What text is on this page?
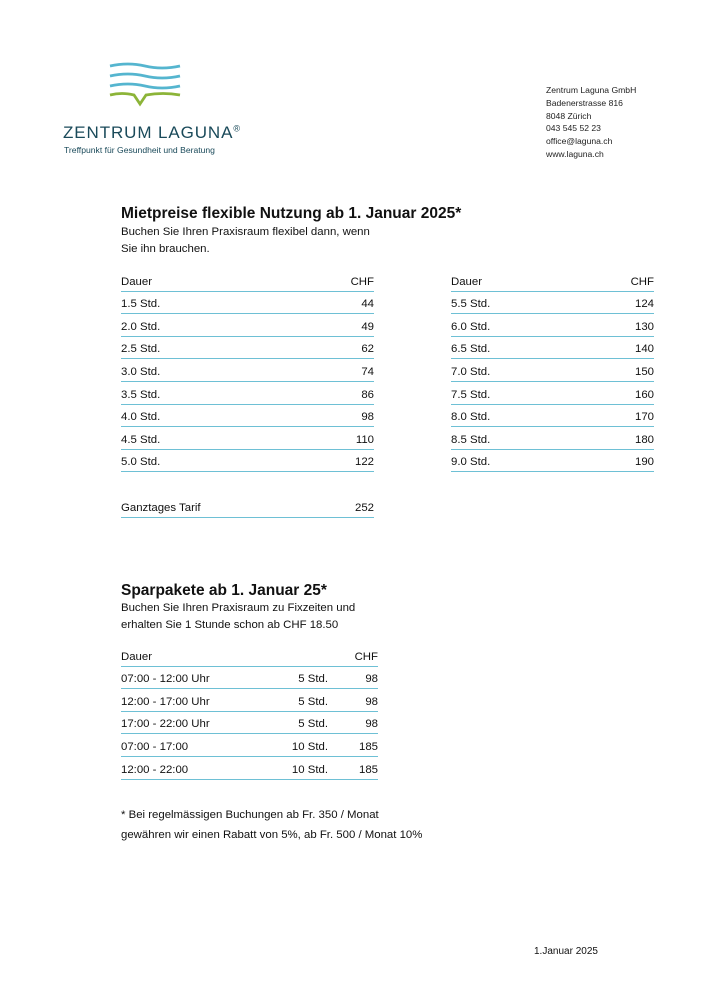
ZENTRUM LAGUNA®
Treffpunkt für Gesundheit und Beratung
Zentrum Laguna GmbH
Badenerstrasse 816
8048 Zürich
043 545 52 23
office@laguna.ch
www.laguna.ch
Mietpreise flexible Nutzung ab 1. Januar 2025*
Buchen Sie Ihren Praxisraum flexibel dann, wenn
Sie ihn brauchen.
Dauer	CHF
1.5 Std.	44
2.0 Std.	49
2.5 Std.	62
3.0 Std.	74
3.5 Std.	86
4.0 Std.	98
4.5 Std.	110
5.0 Std.	122
Dauer	CHF
5.5 Std.	124
6.0 Std.	130
6.5 Std.	140
7.0 Std.	150
7.5 Std.	160
8.0 Std.	170
8.5 Std.	180
9.0 Std.	190
Ganztages Tarif	252
Sparpakete ab 1. Januar 25*
Buchen Sie Ihren Praxisraum zu Fixzeiten und
erhalten Sie 1 Stunde schon ab CHF 18.50
Dauer	CHF
07:00 - 12:00 Uhr	5 Std.	98
12:00 - 17:00 Uhr	5 Std.	98
17:00 - 22:00 Uhr	5 Std.	98
07:00 - 17:00	10 Std.	185
12:00 - 22:00	10 Std.	185
* Bei regelmässigen Buchungen ab Fr. 350 / Monat
gewähren wir einen Rabatt von 5%, ab Fr. 500 / Monat 10%
1.Januar 2025
